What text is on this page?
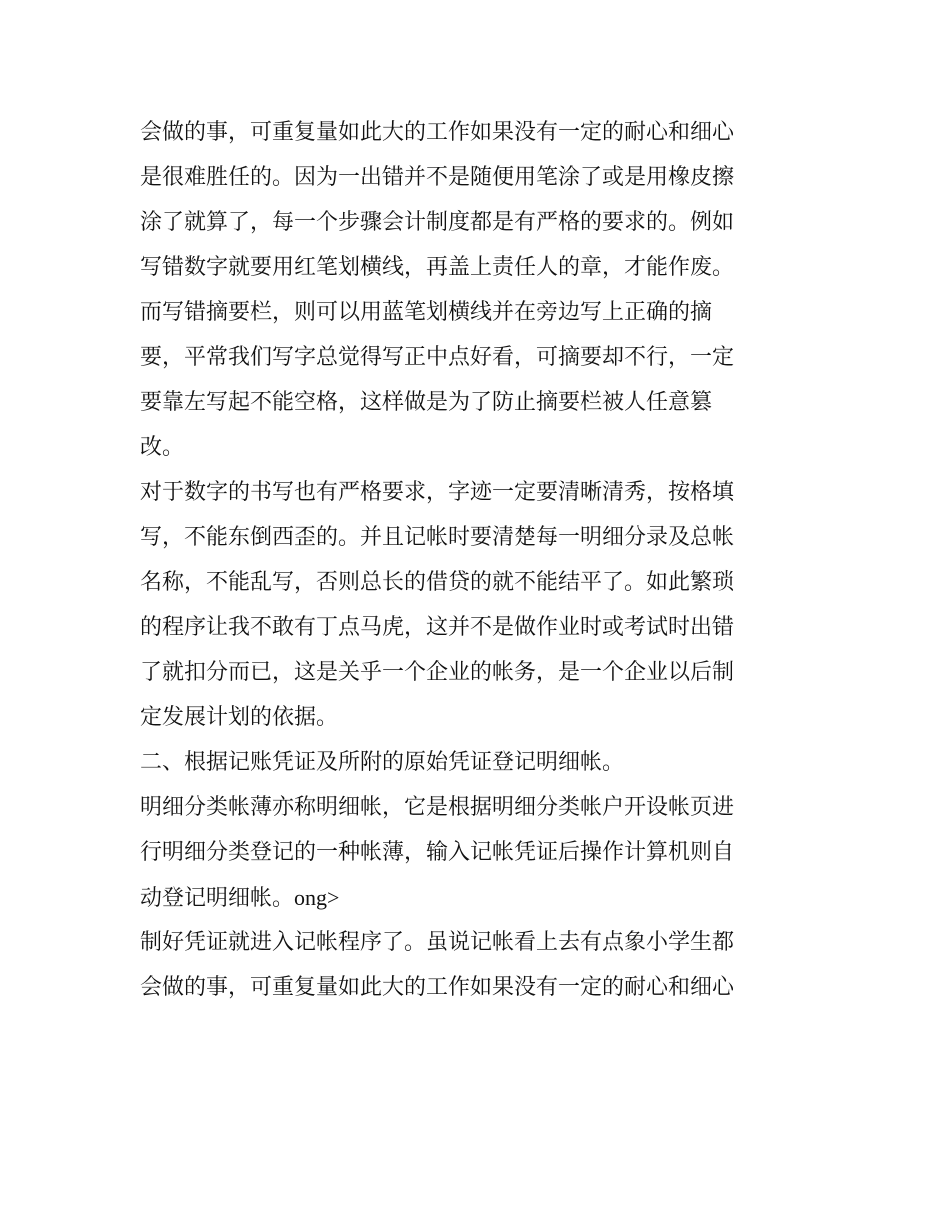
会做的事，可重复量如此大的工作如果没有一定的耐心和细心
是很难胜任的。因为一出错并不是随便用笔涂了或是用橡皮擦
涂了就算了，每一个步骤会计制度都是有严格的要求的。例如
写错数字就要用红笔划横线，再盖上责任人的章，才能作废。
而写错摘要栏，则可以用蓝笔划横线并在旁边写上正确的摘
要，平常我们写字总觉得写正中点好看，可摘要却不行，一定
要靠左写起不能空格，这样做是为了防止摘要栏被人任意篡
改。

对于数字的书写也有严格要求，字迹一定要清晰清秀，按格填
写，不能东倒西歪的。并且记帐时要清楚每一明细分录及总帐
名称，不能乱写，否则总长的借贷的就不能结平了。如此繁琐
的程序让我不敢有丁点马虎，这并不是做作业时或考试时出错
了就扣分而已，这是关乎一个企业的帐务，是一个企业以后制
定发展计划的依据。

二、根据记账凭证及所附的原始凭证登记明细帐。

明细分类帐薄亦称明细帐，它是根据明细分类帐户开设帐页进
行明细分类登记的一种帐薄，输入记帐凭证后操作计算机则自
动登记明细帐。ong>

制好凭证就进入记帐程序了。虽说记帐看上去有点象小学生都
会做的事，可重复量如此大的工作如果没有一定的耐心和细心
